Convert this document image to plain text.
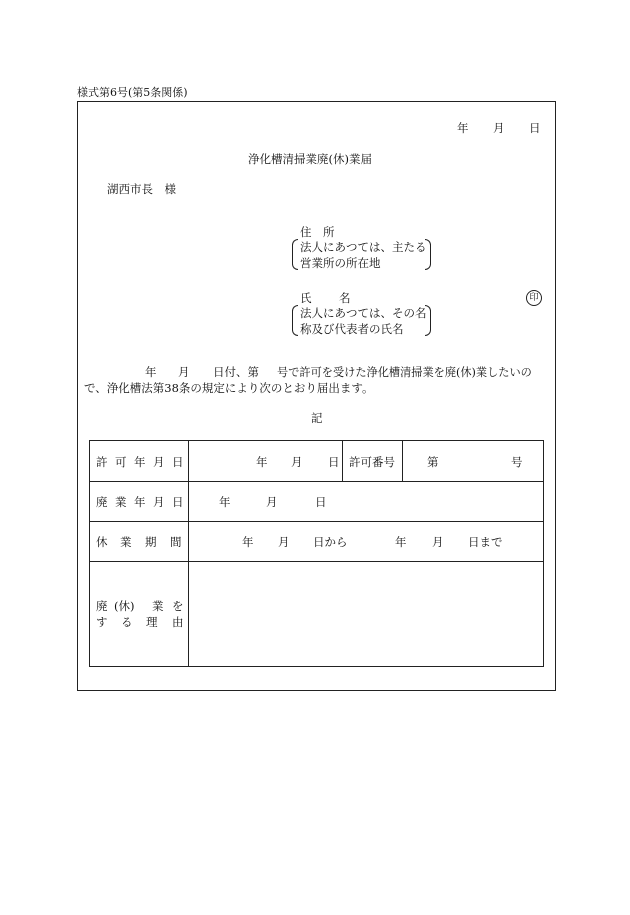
様式第6号(第5条関係)
年 月 日
浄化槽清掃業廃(休)業届
湖西市長　様
住 所
法人にあつては、主たる
営業所の所在地
氏 名
法人にあつては、その名
称及び代表者の氏名
印
年 月 日付、第 号で許可を受けた浄化槽清掃業を廃(休)業したいの
で、浄化槽法第38条の規定により次のとおり届出ます。
記
許 可 年 月 日	年 月 日 許可番号	第	号
廃 業 年 月 日	年	月	日
休 業 期 間	年 月 日から	年 月 日まで
廃 (休) 業 を
す る 理 由
